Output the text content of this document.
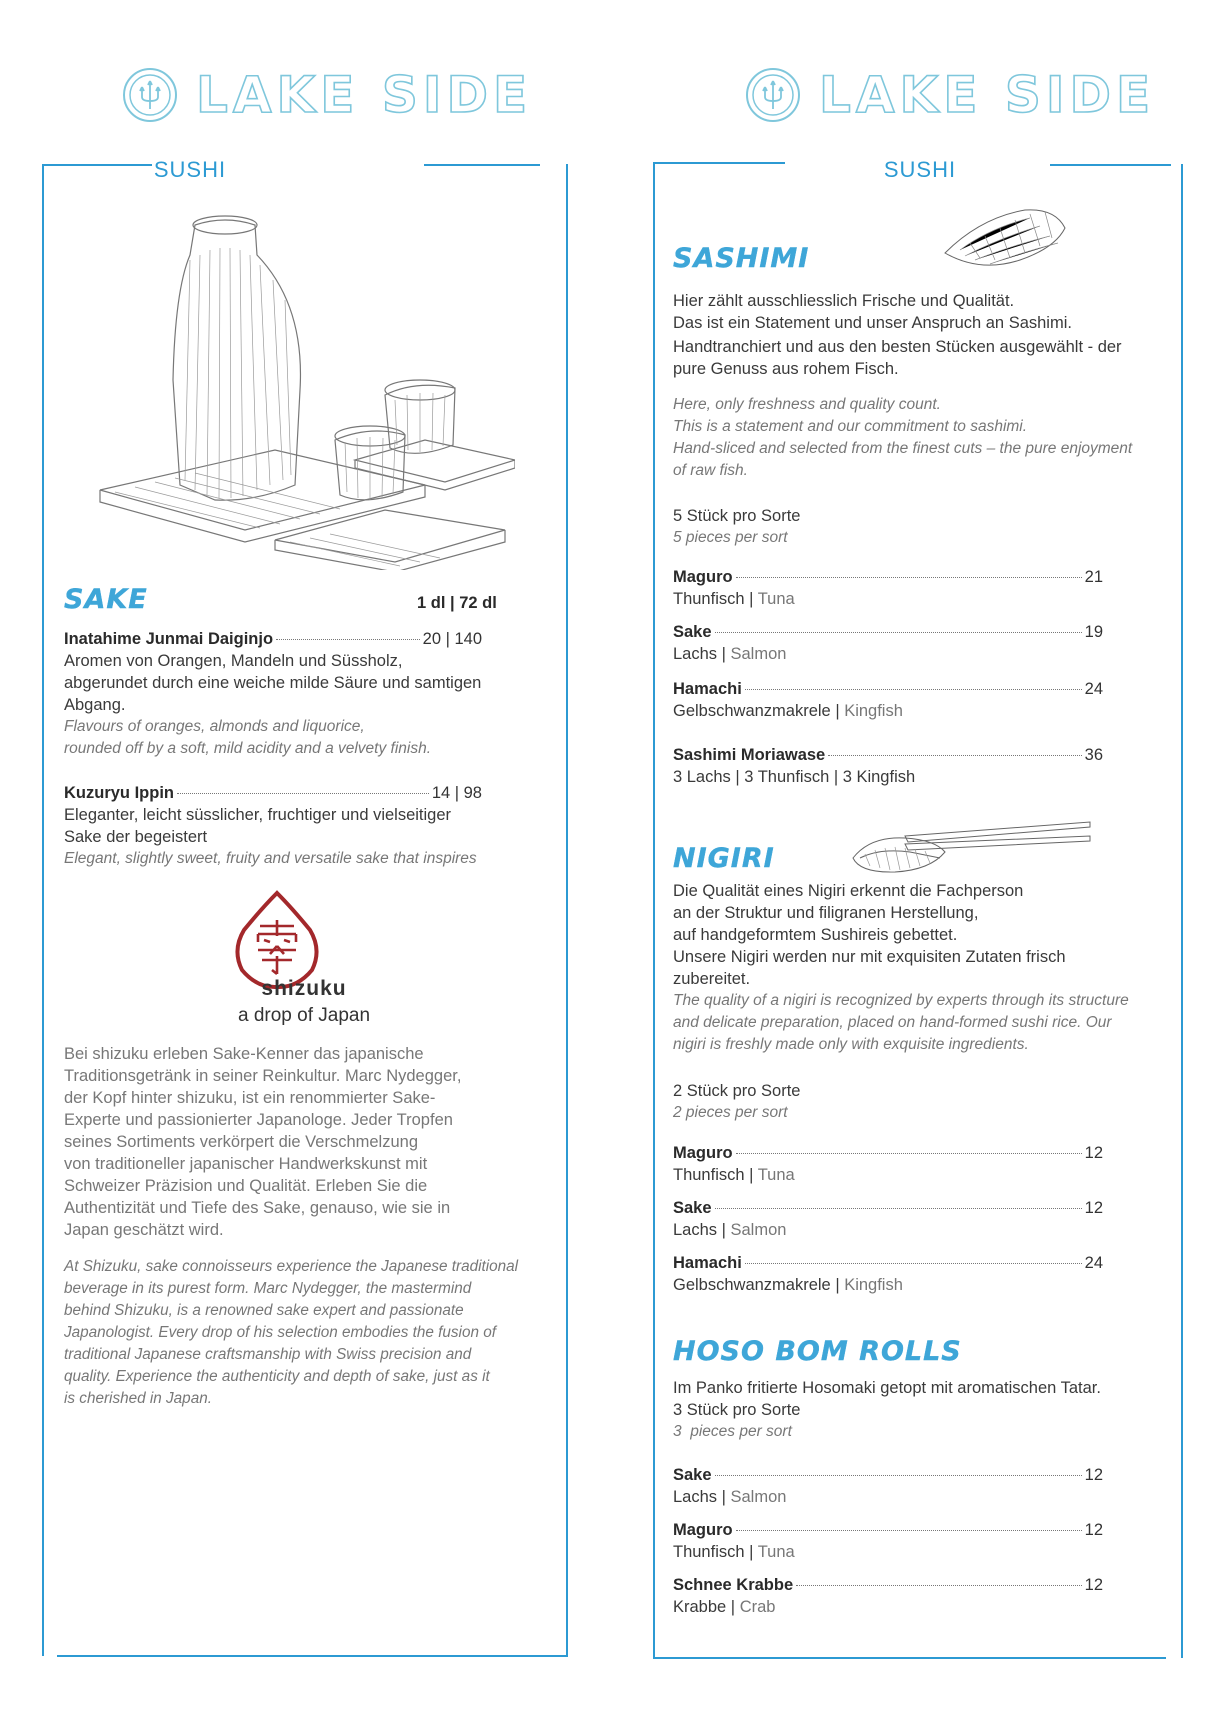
LAKE SIDE
SUSHI
SAKE	1 dl | 72 dl
Inatahime Junmai Daiginjo	20 | 140
Aromen von Orangen, Mandeln und Süssholz,
abgerundet durch eine weiche milde Säure und samtigen
Abgang.
Flavours of oranges, almonds and liquorice,
rounded off by a soft, mild acidity and a velvety finish.
Kuzuryu Ippin	14 | 98
Eleganter, leicht süsslicher, fruchtiger und vielseitiger
Sake der begeistert
Elegant, slightly sweet, fruity and versatile sake that inspires
shizuku
a drop of Japan
Bei shizuku erleben Sake-Kenner das japanische
Traditionsgetränk in seiner Reinkultur. Marc Nydegger,
der Kopf hinter shizuku, ist ein renommierter Sake-
Experte und passionierter Japanologe. Jeder Tropfen
seines Sortiments verkörpert die Verschmelzung
von traditioneller japanischer Handwerkskunst mit
Schweizer Präzision und Qualität. Erleben Sie die
Authentizität und Tiefe des Sake, genauso, wie sie in
Japan geschätzt wird.
At Shizuku, sake connoisseurs experience the Japanese traditional
beverage in its purest form. Marc Nydegger, the mastermind
behind Shizuku, is a renowned sake expert and passionate
Japanologist. Every drop of his selection embodies the fusion of
traditional Japanese craftsmanship with Swiss precision and
quality. Experience the authenticity and depth of sake, just as it
is cherished in Japan.
LAKE SIDE
SUSHI
SASHIMI
Hier zählt ausschliesslich Frische und Qualität.
Das ist ein Statement und unser Anspruch an Sashimi.
Handtranchiert und aus den besten Stücken ausgewählt - der
pure Genuss aus rohem Fisch.
Here, only freshness and quality count.
This is a statement and our commitment to sashimi.
Hand-sliced and selected from the finest cuts – the pure enjoyment
of raw fish.
5 Stück pro Sorte
5 pieces per sort
Maguro	21
Thunfisch | Tuna
Sake	19
Lachs | Salmon
Hamachi	24
Gelbschwanzmakrele | Kingfish
Sashimi Moriawase	36
3 Lachs | 3 Thunfisch | 3 Kingfish
NIGIRI
Die Qualität eines Nigiri erkennt die Fachperson
an der Struktur und filigranen Herstellung,
auf handgeformtem Sushireis gebettet.
Unsere Nigiri werden nur mit exquisiten Zutaten frisch
zubereitet.
The quality of a nigiri is recognized by experts through its structure
and delicate preparation, placed on hand-formed sushi rice. Our
nigiri is freshly made only with exquisite ingredients.
2 Stück pro Sorte
2 pieces per sort
Maguro	12
Thunfisch | Tuna
Sake	12
Lachs | Salmon
Hamachi	24
Gelbschwanzmakrele | Kingfish
HOSO BOM ROLLS
Im Panko fritierte Hosomaki getopt mit aromatischen Tatar.
3 Stück pro Sorte
3  pieces per sort
Sake	12
Lachs | Salmon
Maguro	12
Thunfisch | Tuna
Schnee Krabbe	12
Krabbe | Crab
